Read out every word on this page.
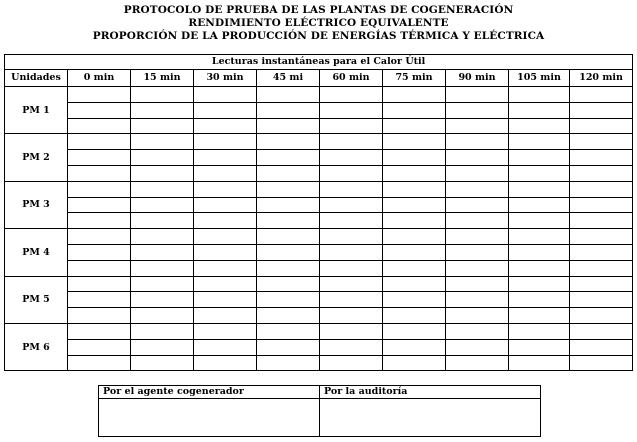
PROTOCOLO DE PRUEBA DE LAS PLANTAS DE COGENERACIÓN
RENDIMIENTO ELÉCTRICO EQUIVALENTE
PROPORCIÓN DE LA PRODUCCIÓN DE ENERGÍAS TÉRMICA Y ELÉCTRICA
Lecturas instantáneas para el Calor Útil									
Unidades	0 min	15 min	30 min	45 mi	60 min	75 min	90 min	105 min	120 min
PM 1									

PM 2									

PM 3									

PM 4									

PM 5									

PM 6									

Por el agente cogenerador	Por la auditoría
